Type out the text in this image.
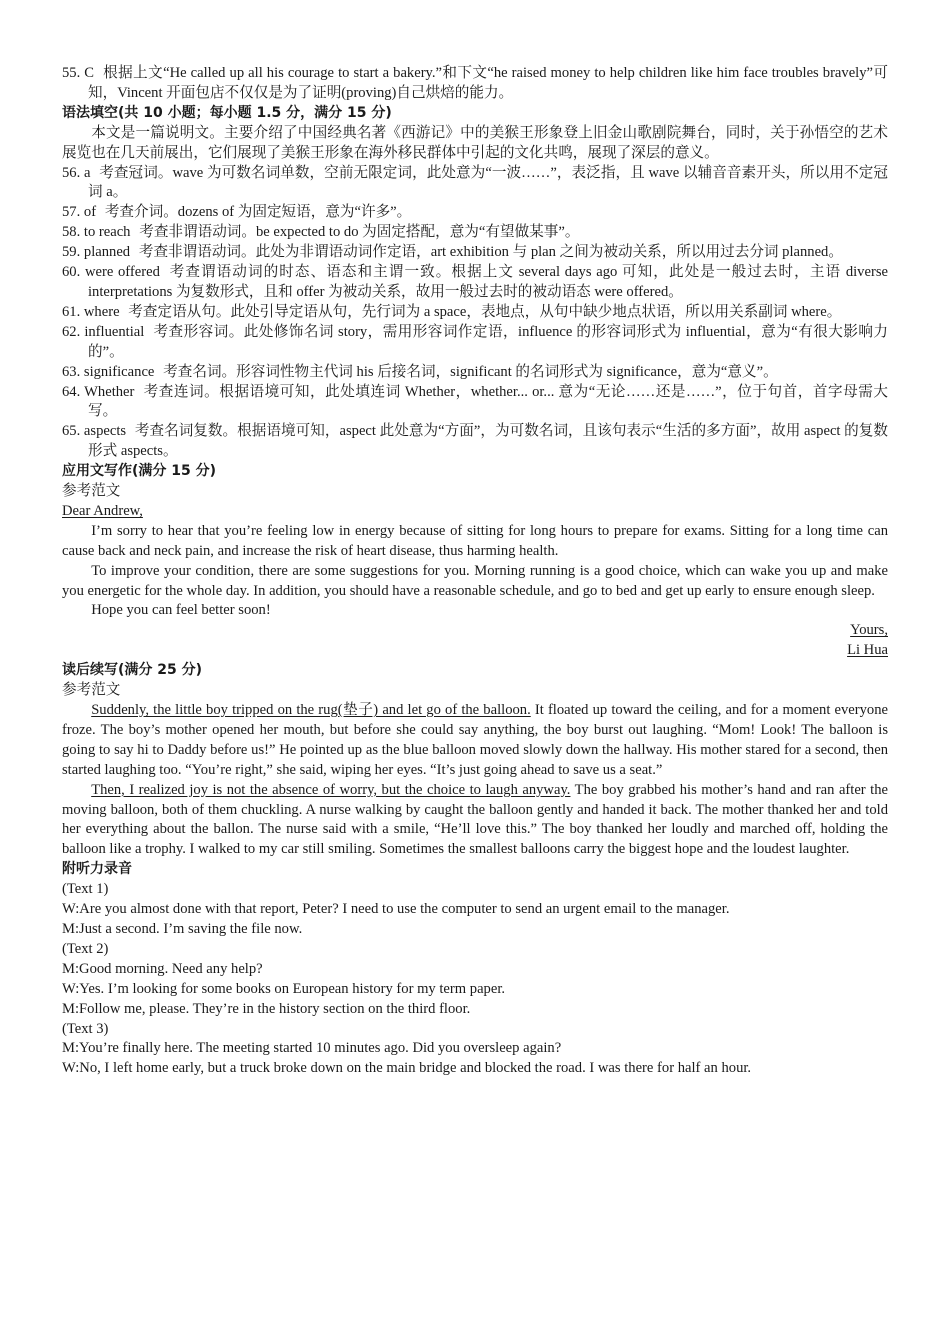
55. C 根据上文“He called up all his courage to start a bakery.”和下文“he raised money to help children like him face troubles bravely”可知，Vincent 开面包店不仅仅是为了证明(proving)自己烘焙的能力。

语法填空(共 10 小题；每小题 1.5 分，满分 15 分)

本文是一篇说明文。主要介绍了中国经典名著《西游记》中的美猴王形象登上旧金山歌剧院舞台，同时，关于孙悟空的艺术展览也在几天前展出，它们展现了美猴王形象在海外移民群体中引起的文化共鸣，展现了深层的意义。

56. a 考查冠词。wave 为可数名词单数，空前无限定词，此处意为“一波……”，表泛指，且 wave 以辅音音素开头，所以用不定冠词 a。

57. of 考查介词。dozens of 为固定短语，意为“许多”。

58. to reach 考查非谓语动词。be expected to do 为固定搭配，意为“有望做某事”。

59. planned 考查非谓语动词。此处为非谓语动词作定语，art exhibition 与 plan 之间为被动关系，所以用过去分词 planned。

60. were offered 考查谓语动词的时态、语态和主谓一致。根据上文 several days ago 可知，此处是一般过去时，主语 diverse interpretations 为复数形式，且和 offer 为被动关系，故用一般过去时的被动语态 were offered。

61. where 考查定语从句。此处引导定语从句，先行词为 a space，表地点，从句中缺少地点状语，所以用关系副词 where。

62. influential 考查形容词。此处修饰名词 story，需用形容词作定语，influence 的形容词形式为 influential，意为“有很大影响力的”。

63. significance 考查名词。形容词性物主代词 his 后接名词，significant 的名词形式为 significance，意为“意义”。

64. Whether 考查连词。根据语境可知，此处填连词 Whether，whether... or... 意为“无论……还是……”，位于句首，首字母需大写。

65. aspects 考查名词复数。根据语境可知，aspect 此处意为“方面”，为可数名词，且该句表示“生活的多方面”，故用 aspect 的复数形式 aspects。

应用文写作(满分 15 分)

参考范文

Dear Andrew,

I’m sorry to hear that you’re feeling low in energy because of sitting for long hours to prepare for exams. Sitting for a long time can cause back and neck pain, and increase the risk of heart disease, thus harming health.

To improve your condition, there are some suggestions for you. Morning running is a good choice, which can wake you up and make you energetic for the whole day. In addition, you should have a reasonable schedule, and go to bed and get up early to ensure enough sleep.

Hope you can feel better soon!

Yours,

Li Hua

读后续写(满分 25 分)

参考范文

Suddenly, the little boy tripped on the rug(垫子) and let go of the balloon. It floated up toward the ceiling, and for a moment everyone froze. The boy’s mother opened her mouth, but before she could say anything, the boy burst out laughing. “Mom! Look! The balloon is going to say hi to Daddy before us!” He pointed up as the blue balloon moved slowly down the hallway. His mother stared for a second, then started laughing too. “You’re right,” she said, wiping her eyes. “It’s just going ahead to save us a seat.”

Then, I realized joy is not the absence of worry, but the choice to laugh anyway. The boy grabbed his mother’s hand and ran after the moving balloon, both of them chuckling. A nurse walking by caught the balloon gently and handed it back. The mother thanked her and told her everything about the ballon. The nurse said with a smile, “He’ll love this.” The boy thanked her loudly and marched off, holding the balloon like a trophy. I walked to my car still smiling. Sometimes the smallest balloons carry the biggest hope and the loudest laughter.

附听力录音

(Text 1)

W:Are you almost done with that report, Peter? I need to use the computer to send an urgent email to the manager.

M:Just a second. I’m saving the file now.

(Text 2)

M:Good morning. Need any help?

W:Yes. I’m looking for some books on European history for my term paper.

M:Follow me, please. They’re in the history section on the third floor.

(Text 3)

M:You’re finally here. The meeting started 10 minutes ago. Did you oversleep again?

W:No, I left home early, but a truck broke down on the main bridge and blocked the road. I was there for half an hour.
